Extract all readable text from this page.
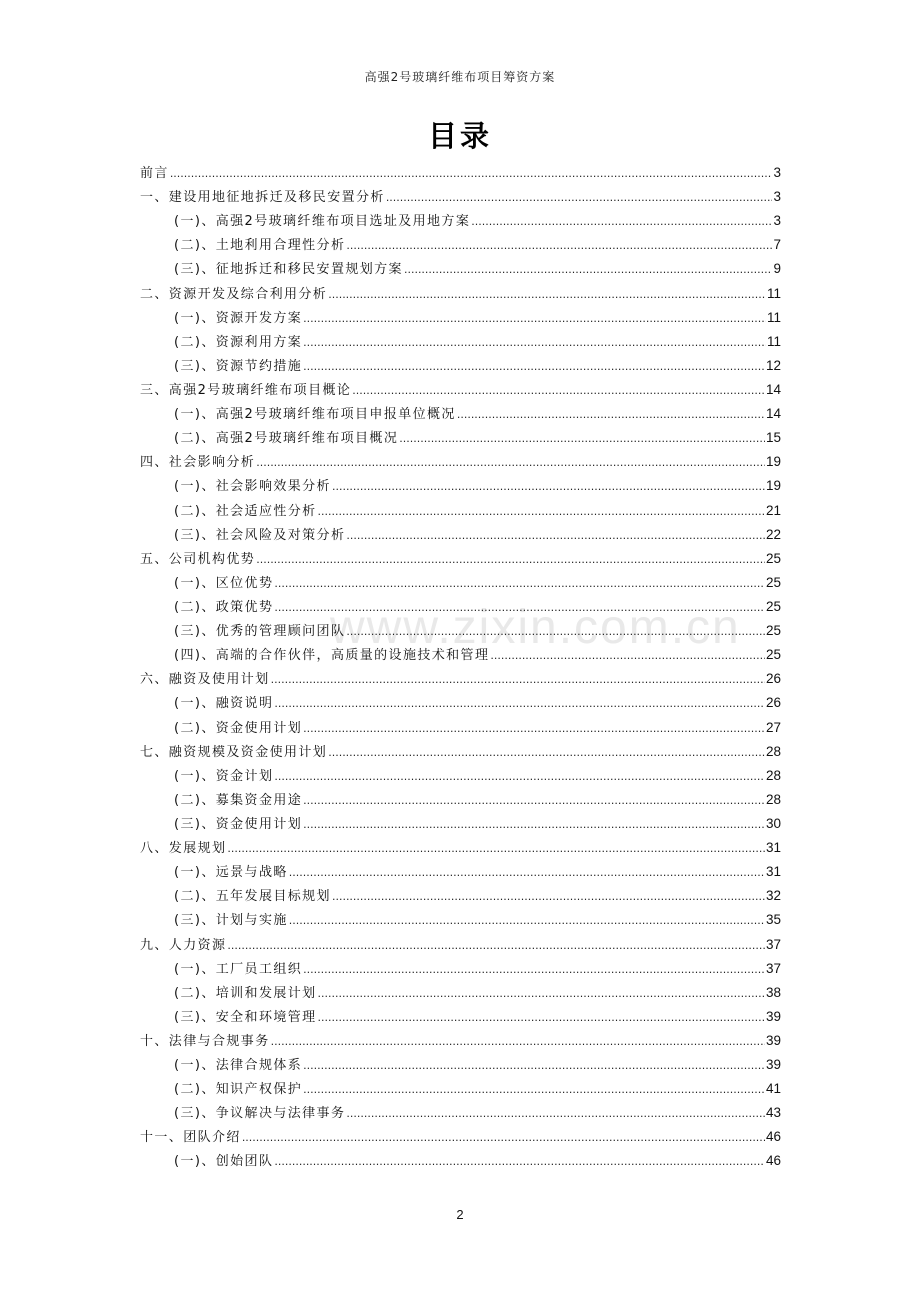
高强2号玻璃纤维布项目筹资方案
目录
www.zixin.com.cn
前言 .....	3
一、建设用地征地拆迁及移民安置分析 .....	3
(一)、高强2号玻璃纤维布项目选址及用地方案 .....	3
(二)、土地利用合理性分析 .....	7
(三)、征地拆迁和移民安置规划方案 .....	9
二、资源开发及综合利用分析 .....	11
(一)、资源开发方案 .....	11
(二)、资源利用方案 .....	11
(三)、资源节约措施 .....	12
三、高强2号玻璃纤维布项目概论 .....	14
(一)、高强2号玻璃纤维布项目申报单位概况 .....	14
(二)、高强2号玻璃纤维布项目概况 .....	15
四、社会影响分析 .....	19
(一)、社会影响效果分析 .....	19
(二)、社会适应性分析 .....	21
(三)、社会风险及对策分析 .....	22
五、公司机构优势 .....	25
(一)、区位优势 .....	25
(二)、政策优势 .....	25
(三)、优秀的管理顾问团队 .....	25
(四)、高端的合作伙伴，高质量的设施技术和管理 .....	25
六、融资及使用计划 .....	26
(一)、融资说明 .....	26
(二)、资金使用计划 .....	27
七、融资规模及资金使用计划 .....	28
(一)、资金计划 .....	28
(二)、募集资金用途 .....	28
(三)、资金使用计划 .....	30
八、发展规划 .....	31
(一)、远景与战略 .....	31
(二)、五年发展目标规划 .....	32
(三)、计划与实施 .....	35
九、人力资源 .....	37
(一)、工厂员工组织 .....	37
(二)、培训和发展计划 .....	38
(三)、安全和环境管理 .....	39
十、法律与合规事务 .....	39
(一)、法律合规体系 .....	39
(二)、知识产权保护 .....	41
(三)、争议解决与法律事务 .....	43
十一、团队介绍 .....	46
(一)、创始团队 .....	46
2
